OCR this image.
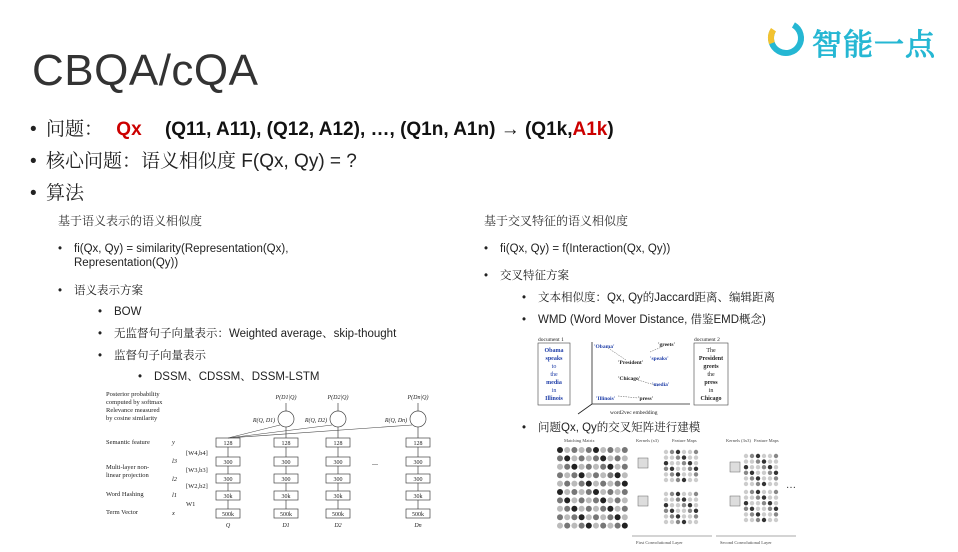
CBQA/cQA
智能一点
• 问题： Qx (Q11, A11), (Q12, A12), …, (Q1n, A1n) → (Q1k,A1k)
• 核心问题：语义相似度 F(Qx, Qy) = ?
• 算法
基于语义表示的语义相似度
• fi(Qx, Qy) = similarity(Representation(Qx),
Representation(Qy))
• 语义表示方案
• BOW
• 无监督句子向量表示：Weighted average、skip-thought
• 监督句子向量表示
• DSSM、CDSSM、DSSM-LSTM
Posterior probability
computed by softmax
Relevance measured
by cosine similarity
Semantic feature
Multi-layer non-
linear projection
Word Hashing
Term Vector
y
l3
l2
l1
x
[W4,b4]
[W3,b3]
[W2,b2]
W1
128
300
300
30k
500k
Q
128
300
300
30k
500k
D1
P(D1|Q)
R(Q, D1)
128
300
300
30k
500k
D2
P(D2|Q)
R(Q, D2)
...
128
300
300
30k
500k
Dn
P(Dn|Q)
R(Q, Dn)
基于交叉特征的语义相似度
• fi(Qx, Qy) = f(Interaction(Qx, Qy))
• 交叉特征方案
• 文本相似度：Qx, Qy的Jaccard距离、编辑距离
• WMD (Word Mover Distance, 借鉴EMD概念)
• 问题Qx, Qy的交叉矩阵进行建模
document 1	document 2
Obama
speaks
to
the
media
in
Illinois
The
President
greets
the
press
in
Chicago
word2vec embedding
'Obama'
'speaks'
'media'
'Illinois'
'President'
'greets'
'Chicago'
'press'
Matching Matrix	Kernels (x3)	Feature Maps	Kernels (3x3) Feature Maps
First Convolutional Layer	Second Convolutional Layer
…
